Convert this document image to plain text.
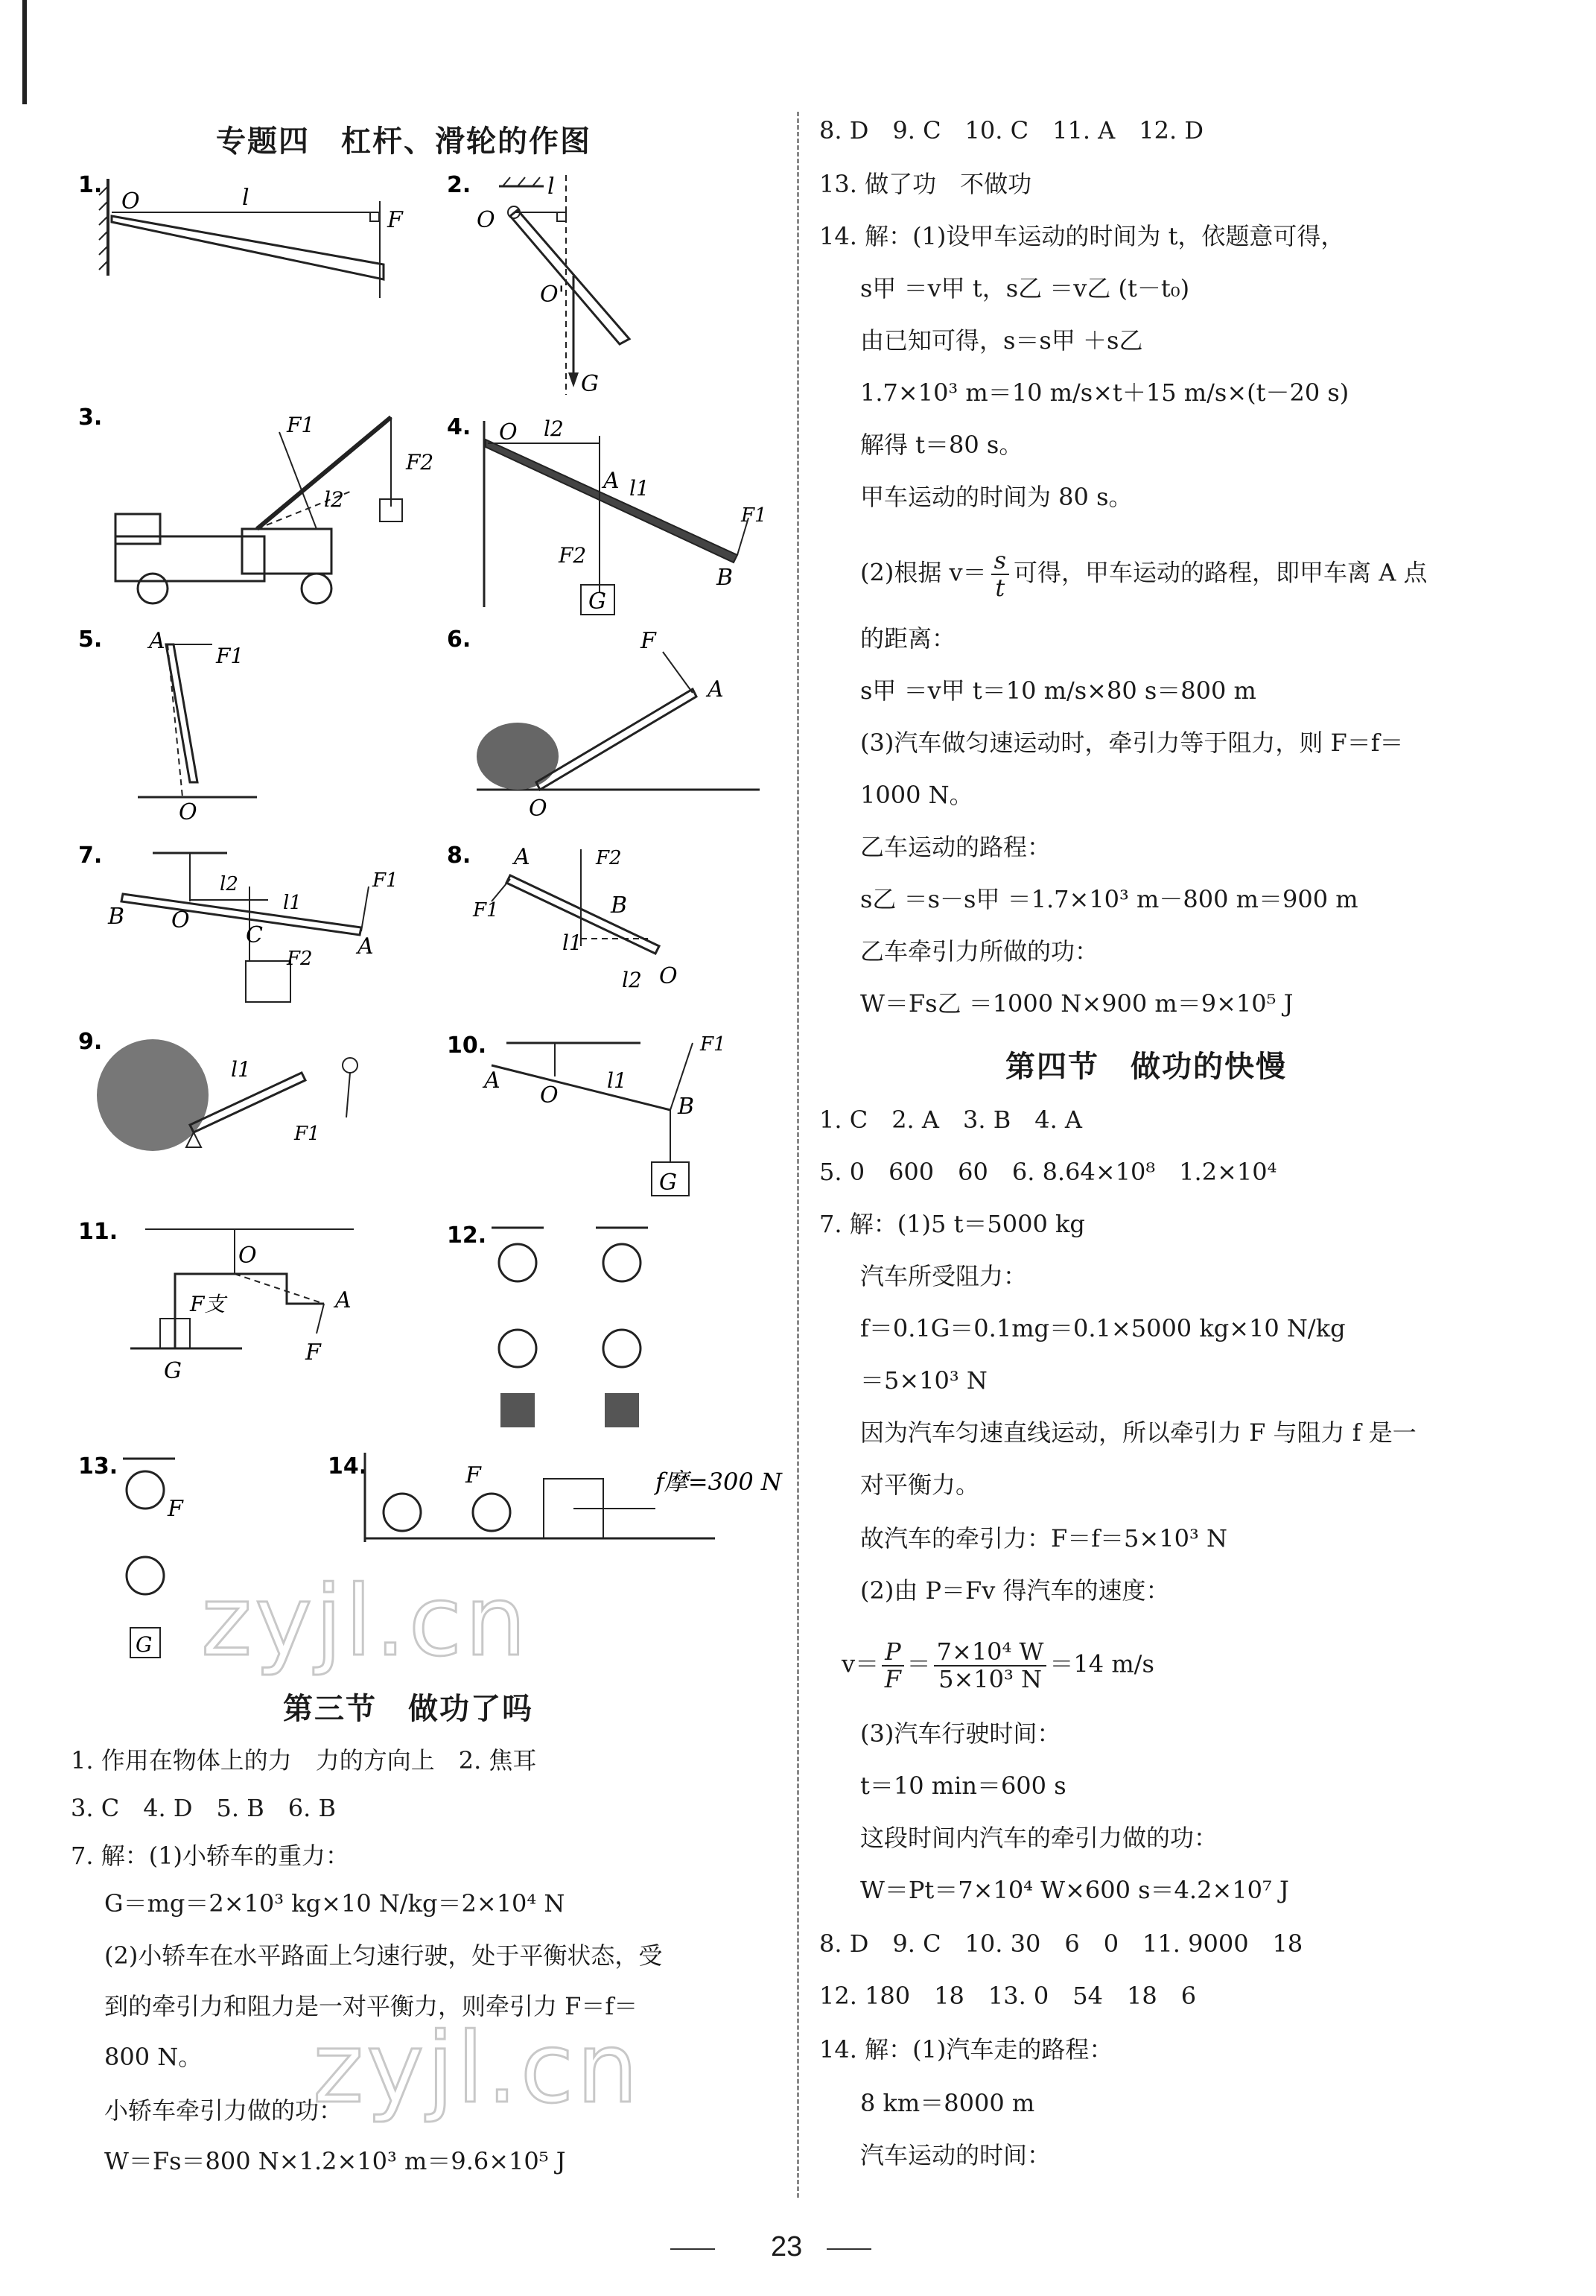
专题四　杠杆、滑轮的作图
1.
O	l
F
2.
O
l
O'
G
3.	F1
F2
l2
4. O l2
A l1
F1
B
F2
G
5. A
F1
O
6.	F
A
O
7.
B O
l2
l1
C
F1
A
F2
8. A	F2
B
F1
l1
l2 O
9.
l1
F1
10.
A
O
l1
F1
B
G
11.
O
F支	A
G
F
12.
13.
F
G
14.	F	f摩=300 N
zyjl.cn
第三节　做功了吗
1. 作用在物体上的力　力的方向上　2. 焦耳
3. C　4. D　5. B　6. B
7. 解：(1)小轿车的重力：
G＝mg＝2×10³ kg×10 N/kg＝2×10⁴ N
(2)小轿车在水平路面上匀速行驶，处于平衡状态，受
到的牵引力和阻力是一对平衡力，则牵引力 F＝f＝
800 N。
小轿车牵引力做的功：
W＝Fs＝800 N×1.2×10³ m＝9.6×10⁵ J
zyjl.cn
8. D　9. C　10. C　11. A　12. D
13. 做了功　不做功
14. 解：(1)设甲车运动的时间为 t，依题意可得，
s甲 ＝v甲 t，s乙 ＝v乙 (t－t₀)
由已知可得，s＝s甲 ＋s乙
1.7×10³ m＝10 m/s×t＋15 m/s×(t－20 s)
解得 t＝80 s。
甲车运动的时间为 80 s。
(2)根据 $v= \frac{s}{t}$ 可得，甲车运动的路程，即甲车离 A 点
的距离：
s甲 ＝v甲 t＝10 m/s×80 s＝800 m
(3)汽车做匀速运动时，牵引力等于阻力，则 F＝f＝
1000 N。
乙车运动的路程：
s乙 ＝s－s甲 ＝1.7×10³ m－800 m＝900 m
乙车牵引力所做的功：
W＝Fs乙 ＝1000 N×900 m＝9×10⁵ J
第四节　做功的快慢
1. C　2. A　3. B　4. A
5. 0　600　60　6. 8.64×10⁸　1.2×10⁴
7. 解：(1)5 t＝5000 kg
汽车所受阻力：
f＝0.1G＝0.1mg＝0.1×5000 kg×10 N/kg
＝5×10³ N
因为汽车匀速直线运动，所以牵引力 F 与阻力 f 是一
对平衡力。
故汽车的牵引力：F＝f＝5×10³ N
(2)由 P＝Fv 得汽车的速度：
$v= \frac{P}{F} = \frac{\text{7×10⁴ W}}{\text{5×10³ N}} =14$ m/s
(3)汽车行驶时间：
t＝10 min＝600 s
这段时间内汽车的牵引力做的功：
W＝Pt＝7×10⁴ W×600 s＝4.2×10⁷ J
8. D　9. C　10. 30　6　0　11. 9000　18
12. 180　18　13. 0　54　18　6
14. 解：(1)汽车走的路程：
8 km＝8000 m
汽车运动的时间：
23
